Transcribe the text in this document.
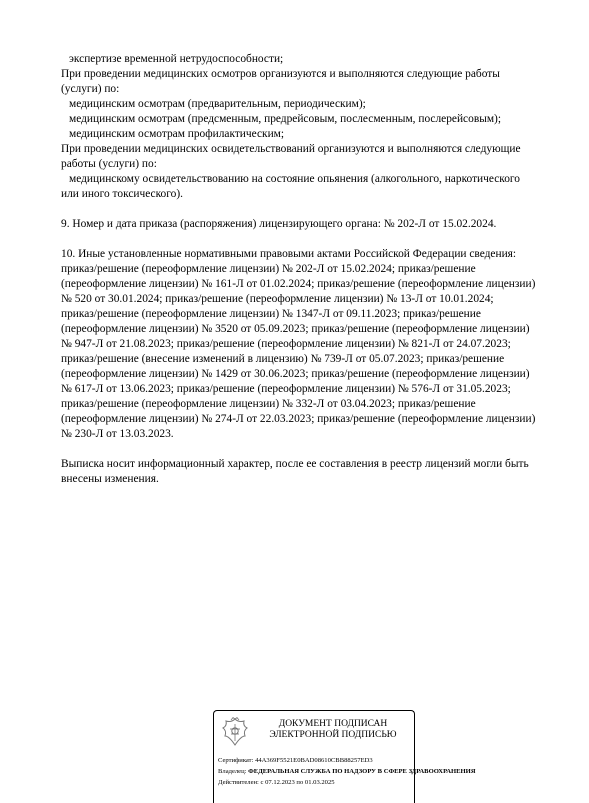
экспертизе временной нетрудоспособности;
При проведении медицинских осмотров организуются и выполняются следующие работы
(услуги) по:
медицинским осмотрам (предварительным, периодическим);
медицинским осмотрам (предсменным, предрейсовым, послесменным, послерейсовым);
медицинским осмотрам профилактическим;
При проведении медицинских освидетельствований организуются и выполняются следующие
работы (услуги) по:
медицинскому освидетельствованию на состояние опьянения (алкогольного, наркотического
или иного токсического).
9. Номер и дата приказа (распоряжения) лицензирующего органа: № 202-Л от 15.02.2024.
10. Иные установленные нормативными правовыми актами Российской Федерации сведения:
приказ/решение (переоформление лицензии) № 202-Л от 15.02.2024; приказ/решение
(переоформление лицензии) № 161-Л от 01.02.2024; приказ/решение (переоформление лицензии)
№ 520 от 30.01.2024; приказ/решение (переоформление лицензии) № 13-Л от 10.01.2024;
приказ/решение (переоформление лицензии) № 1347-Л от 09.11.2023; приказ/решение
(переоформление лицензии) № 3520 от 05.09.2023; приказ/решение (переоформление лицензии)
№ 947-Л от 21.08.2023; приказ/решение (переоформление лицензии) № 821-Л от 24.07.2023;
приказ/решение (внесение изменений в лицензию) № 739-Л от 05.07.2023; приказ/решение
(переоформление лицензии) № 1429 от 30.06.2023; приказ/решение (переоформление лицензии)
№ 617-Л от 13.06.2023; приказ/решение (переоформление лицензии) № 576-Л от 31.05.2023;
приказ/решение (переоформление лицензии) № 332-Л от 03.04.2023; приказ/решение
(переоформление лицензии) № 274-Л от 22.03.2023; приказ/решение (переоформление лицензии)
№ 230-Л от 13.03.2023.
Выписка носит информационный характер, после ее составления в реестр лицензий могли быть
внесены изменения.
ДОКУМЕНТ ПОДПИСАН
ЭЛЕКТРОННОЙ ПОДПИСЬЮ
Сертификат: 44A369F5521E0BAD08610CBB88257ED3
Владелец: ФЕДЕРАЛЬНАЯ СЛУЖБА ПО НАДЗОРУ В СФЕРЕ ЗДРАВООХРАНЕНИЯ
Действителен: с 07.12.2023 по 01.03.2025
